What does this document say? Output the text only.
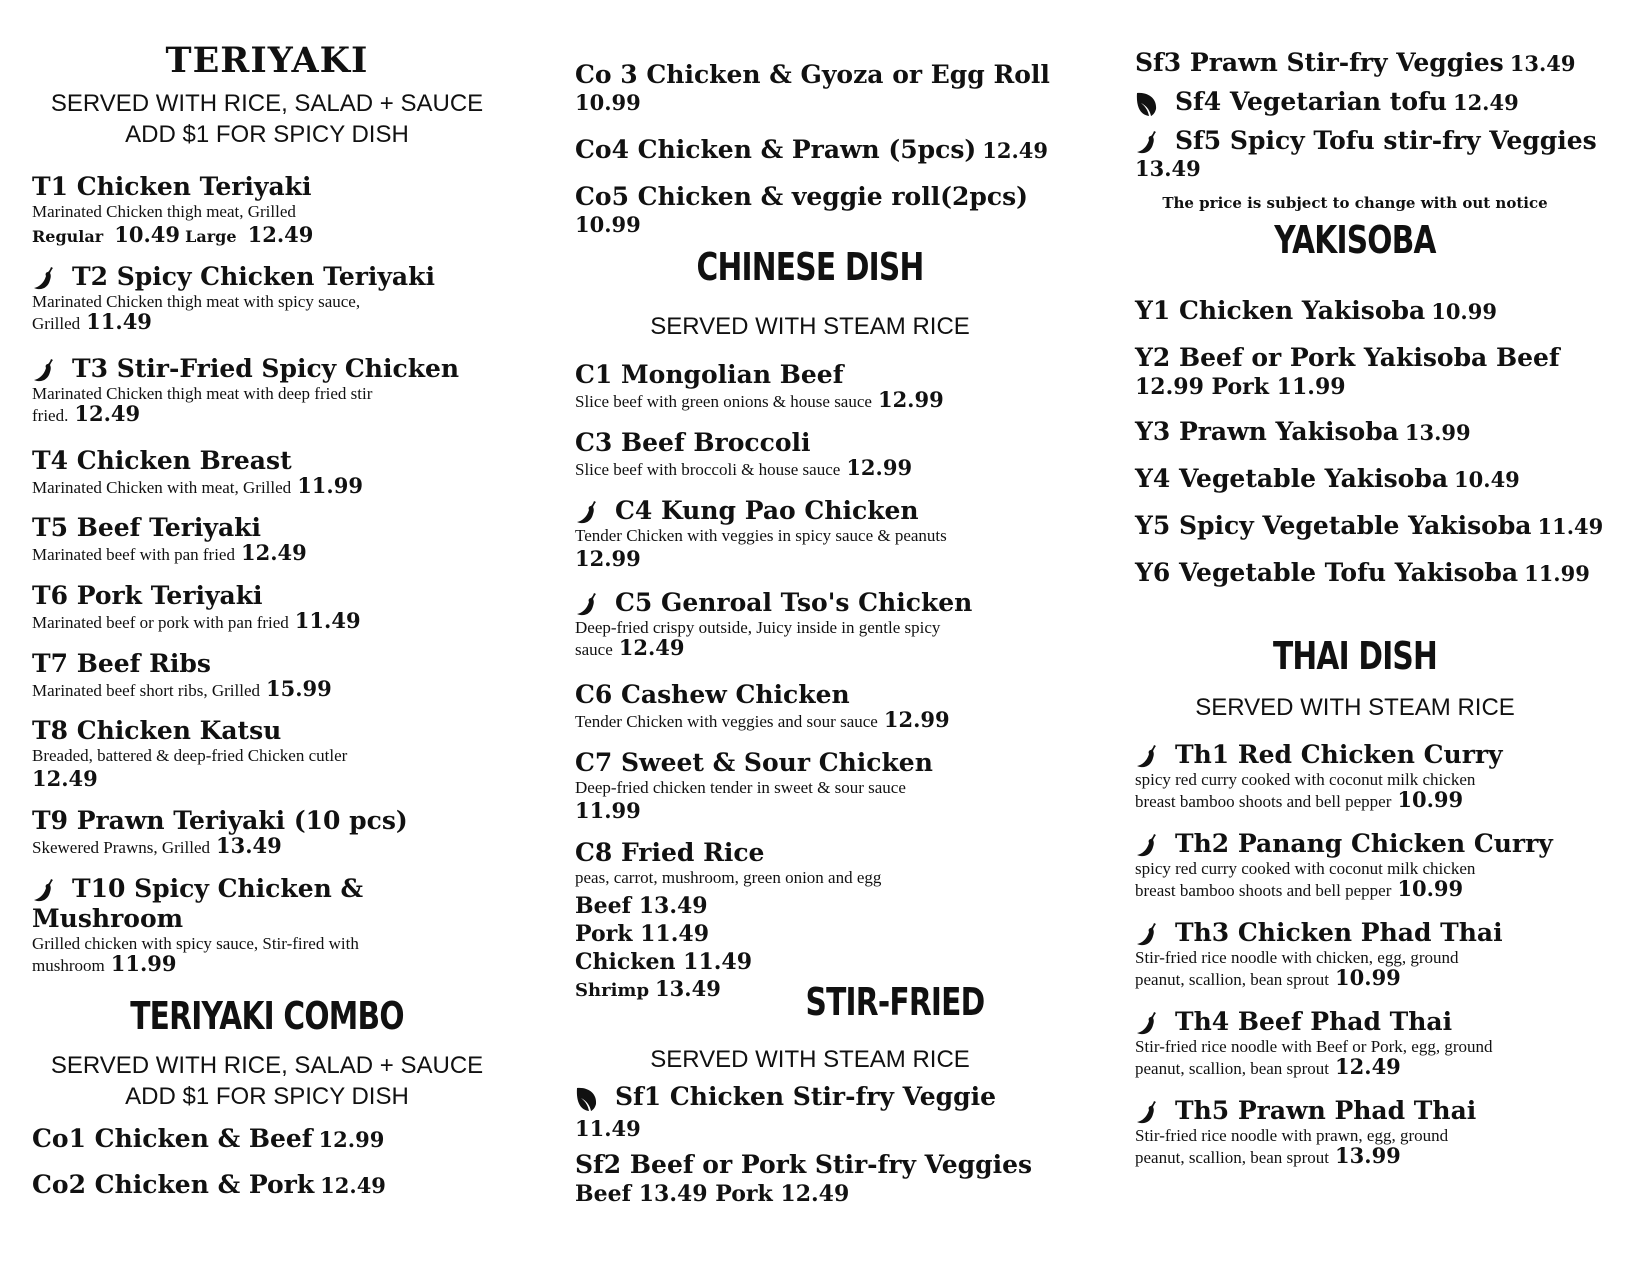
TERIYAKI
SERVED WITH RICE, SALAD + SAUCE
ADD $1 FOR SPICY DISH
T1 Chicken Teriyaki
Marinated Chicken thigh meat, Grilled
Regular 10.49 Large 12.49
T2 Spicy Chicken Teriyaki
Marinated Chicken thigh meat with spicy sauce,
Grilled 11.49
T3 Stir-Fried Spicy Chicken
Marinated Chicken thigh meat with deep fried stir
fried. 12.49
T4 Chicken Breast
Marinated Chicken with meat, Grilled 11.99
T5 Beef Teriyaki
Marinated beef with pan fried 12.49
T6 Pork Teriyaki
Marinated beef or pork with pan fried 11.49
T7 Beef Ribs
Marinated beef short ribs, Grilled 15.99
T8 Chicken Katsu
Breaded, battered & deep-fried Chicken cutler
12.49
T9 Prawn Teriyaki (10 pcs)
Skewered Prawns, Grilled 13.49
T10 Spicy Chicken &
Mushroom
Grilled chicken with spicy sauce, Stir-fired with
mushroom 11.99
TERIYAKI COMBO
SERVED WITH RICE, SALAD + SAUCE
ADD $1 FOR SPICY DISH
Co1 Chicken & Beef 12.99
Co2 Chicken & Pork 12.49
Co 3 Chicken & Gyoza or Egg Roll
10.99
Co4 Chicken & Prawn (5pcs) 12.49
Co5 Chicken & veggie roll(2pcs)
10.99
CHINESE DISH
SERVED WITH STEAM RICE
C1 Mongolian Beef
Slice beef with green onions & house sauce 12.99
C3 Beef Broccoli
Slice beef with broccoli & house sauce 12.99
C4 Kung Pao Chicken
Tender Chicken with veggies in spicy sauce & peanuts
12.99
C5 Genroal Tso's Chicken
Deep-fried crispy outside, Juicy inside in gentle spicy
sauce 12.49
C6 Cashew Chicken
Tender Chicken with veggies and sour sauce 12.99
C7 Sweet & Sour Chicken
Deep-fried chicken tender in sweet & sour sauce
11.99
C8 Fried Rice
peas, carrot, mushroom, green onion and egg
Beef 13.49
Pork 11.49
Chicken 11.49
Shrimp 13.49	STIR-FRIED
SERVED WITH STEAM RICE
Sf1 Chicken Stir-fry Veggie
11.49
Sf2 Beef or Pork Stir-fry Veggies
Beef 13.49 Pork 12.49
Sf3 Prawn Stir-fry Veggies 13.49
Sf4 Vegetarian tofu 12.49
Sf5 Spicy Tofu stir-fry Veggies
13.49
The price is subject to change with out notice
YAKISOBA
Y1 Chicken Yakisoba 10.99
Y2 Beef or Pork Yakisoba Beef
12.99 Pork 11.99
Y3 Prawn Yakisoba 13.99
Y4 Vegetable Yakisoba 10.49
Y5 Spicy Vegetable Yakisoba 11.49
Y6 Vegetable Tofu Yakisoba 11.99
THAI DISH
SERVED WITH STEAM RICE
Th1 Red Chicken Curry
spicy red curry cooked with coconut milk chicken
breast bamboo shoots and bell pepper 10.99
Th2 Panang Chicken Curry
spicy red curry cooked with coconut milk chicken
breast bamboo shoots and bell pepper 10.99
Th3 Chicken Phad Thai
Stir-fried rice noodle with chicken, egg, ground
peanut, scallion, bean sprout 10.99
Th4 Beef Phad Thai
Stir-fried rice noodle with Beef or Pork, egg, ground
peanut, scallion, bean sprout 12.49
Th5 Prawn Phad Thai
Stir-fried rice noodle with prawn, egg, ground
peanut, scallion, bean sprout 13.99
